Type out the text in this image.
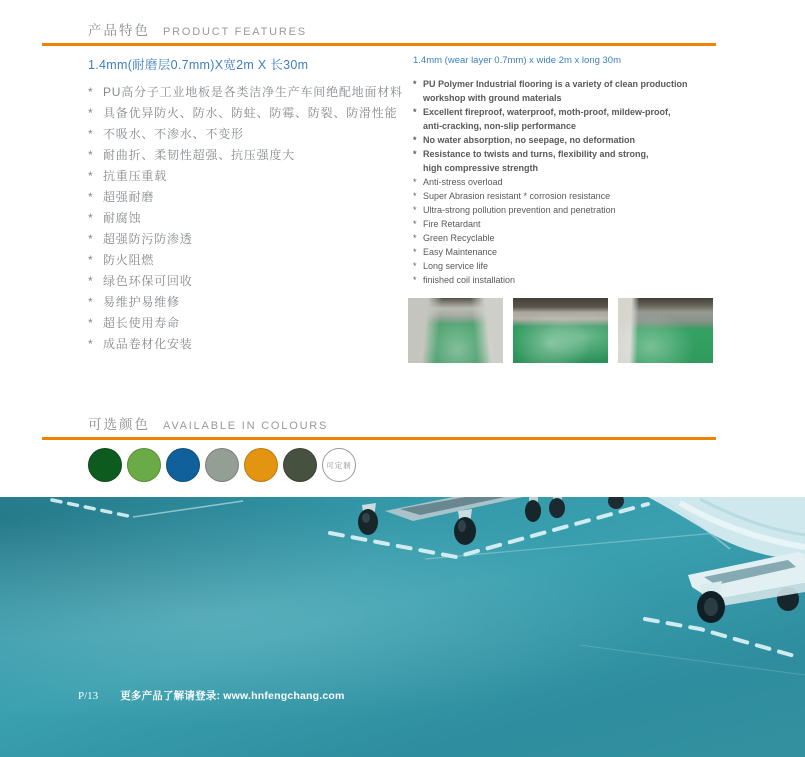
产品特色 PRODUCT FEATURES
1.4mm(耐磨层0.7mm)X宽2m X 长30m
* PU高分子工业地板是各类洁净生产车间绝配地面材料
* 具备优异防火、防水、防蛀、防霉、防裂、防滑性能
* 不吸水、不渗水、不变形
* 耐曲折、柔韧性超强、抗压强度大
* 抗重压重载
* 超强耐磨
* 耐腐蚀
* 超强防污防渗透
* 防火阻燃
* 绿色环保可回收
* 易维护易维修
* 超长使用寿命
* 成品卷材化安装
1.4mm (wear layer 0.7mm) x wide 2m x long 30m
* PU Polymer Industrial flooring is a variety of clean production
workshop with ground materials
* Excellent fireproof, waterproof, moth-proof, mildew-proof,
anti-cracking, non-slip performance
* No water absorption, no seepage, no deformation
* Resistance to twists and turns, flexibility and strong,
high compressive strength
* Anti-stress overload
* Super Abrasion resistant * corrosion resistance
* Ultra-strong pollution prevention and penetration
* Fire Retardant
* Green Recyclable
* Easy Maintenance
* Long service life
* finished coil installation
可选颜色 AVAILABLE IN COLOURS
可定制
P/13 更多产品了解请登录: www.hnfengchang.com
